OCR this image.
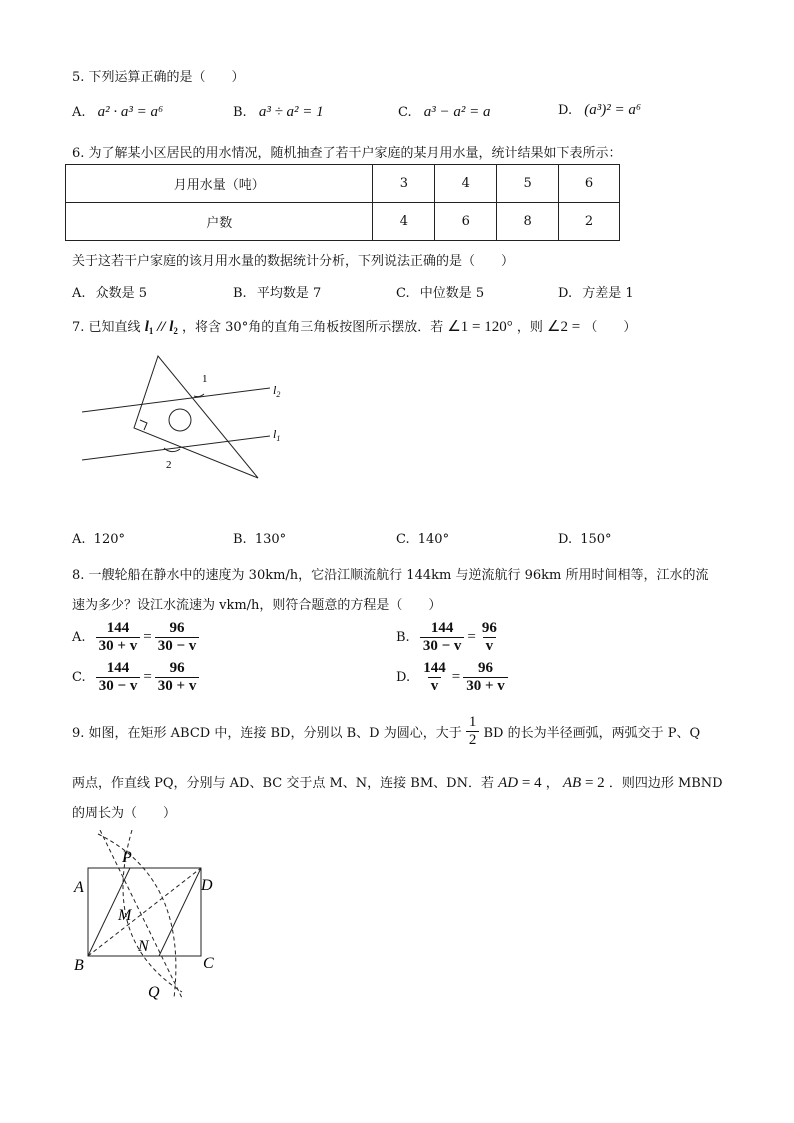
5. 下列运算正确的是（　　）
A. a² · a³ = a⁶	B. a³ ÷ a² = 1	C. a³ − a² = a	D. (a³)² = a⁶
6. 为了解某小区居民的用水情况，随机抽查了若干户家庭的某月用水量，统计结果如下表所示：
月用水量（吨）	3	4	5	6
户数	4	6	8	2
关于这若干户家庭的该月用水量的数据统计分析，下列说法正确的是（　　）
A. 众数是 5	B. 平均数是 7	C. 中位数是 5	D. 方差是 1
7. 已知直线 $l_1 // l_2$ ，将含 30°角的直角三角板按图所示摆放．若 ∠1 = 120° ，则 ∠2 = （　　）
1
2
$l_2$
$l_1$
A. 120°	B. 130°	C. 140°	D. 150°
8. 一艘轮船在静水中的速度为 30km/h，它沿江顺流航行 144km 与逆流航行 96km 所用时间相等，江水的流
速为多少？设江水流速为 vkm/h，则符合题意的方程是（　　）
A. $\frac{144}{30 + v} = \frac{96}{30 - v}$	B. $\frac{144}{30 - v} = \frac{96}{v}$
C. $\frac{144}{30 - v} = \frac{96}{30 + v}$	D. $\frac{144}{v} = \frac{96}{30 + v}$
9. 如图，在矩形 ABCD 中，连接 BD，分别以 B、D 为圆心，大于 $\frac{1}{2}$ BD 的长为半径画弧，两弧交于 P、Q
两点，作直线 PQ，分别与 AD、BC 交于点 M、N，连接 BM、DN．若 AD = 4 ， AB = 2 ．则四边形 MBND
的周长为（　　）
P
A	D
M
N
B	C
Q
